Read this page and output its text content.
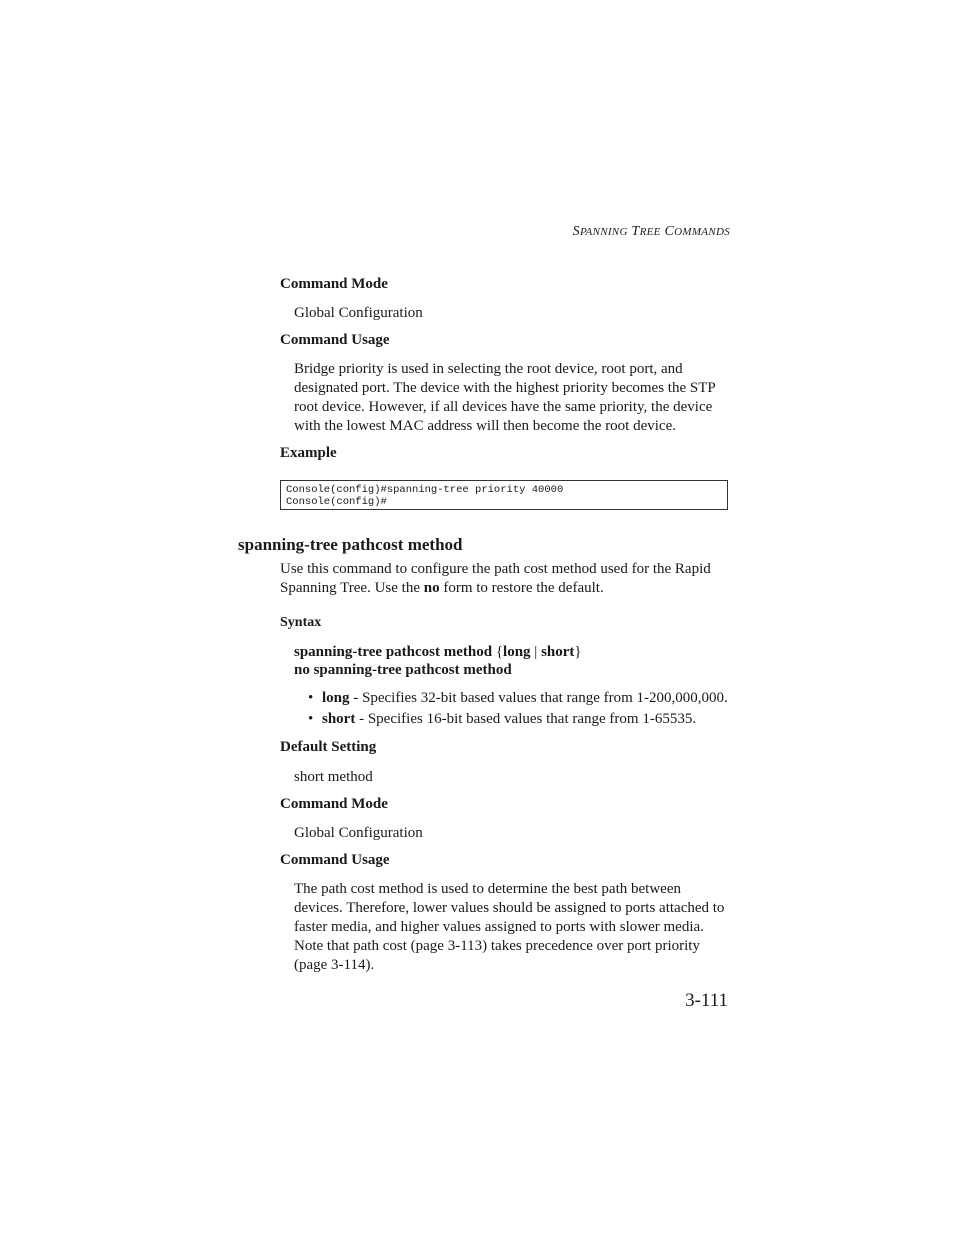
SPANNING TREE COMMANDS
Command Mode
Global Configuration
Command Usage
Bridge priority is used in selecting the root device, root port, and
designated port. The device with the highest priority becomes the STP
root device. However, if all devices have the same priority, the device
with the lowest MAC address will then become the root device.
Example
Console(config)#spanning-tree priority 40000
Console(config)#
spanning-tree pathcost method
Use this command to configure the path cost method used for the Rapid
Spanning Tree. Use the no form to restore the default.
Syntax
spanning-tree pathcost method {long | short}
no spanning-tree pathcost method
• long - Specifies 32-bit based values that range from 1-200,000,000.
• short - Specifies 16-bit based values that range from 1-65535.
Default Setting
short method
Command Mode
Global Configuration
Command Usage
The path cost method is used to determine the best path between
devices. Therefore, lower values should be assigned to ports attached to
faster media, and higher values assigned to ports with slower media.
Note that path cost (page 3-113) takes precedence over port priority
(page 3-114).
3-111
